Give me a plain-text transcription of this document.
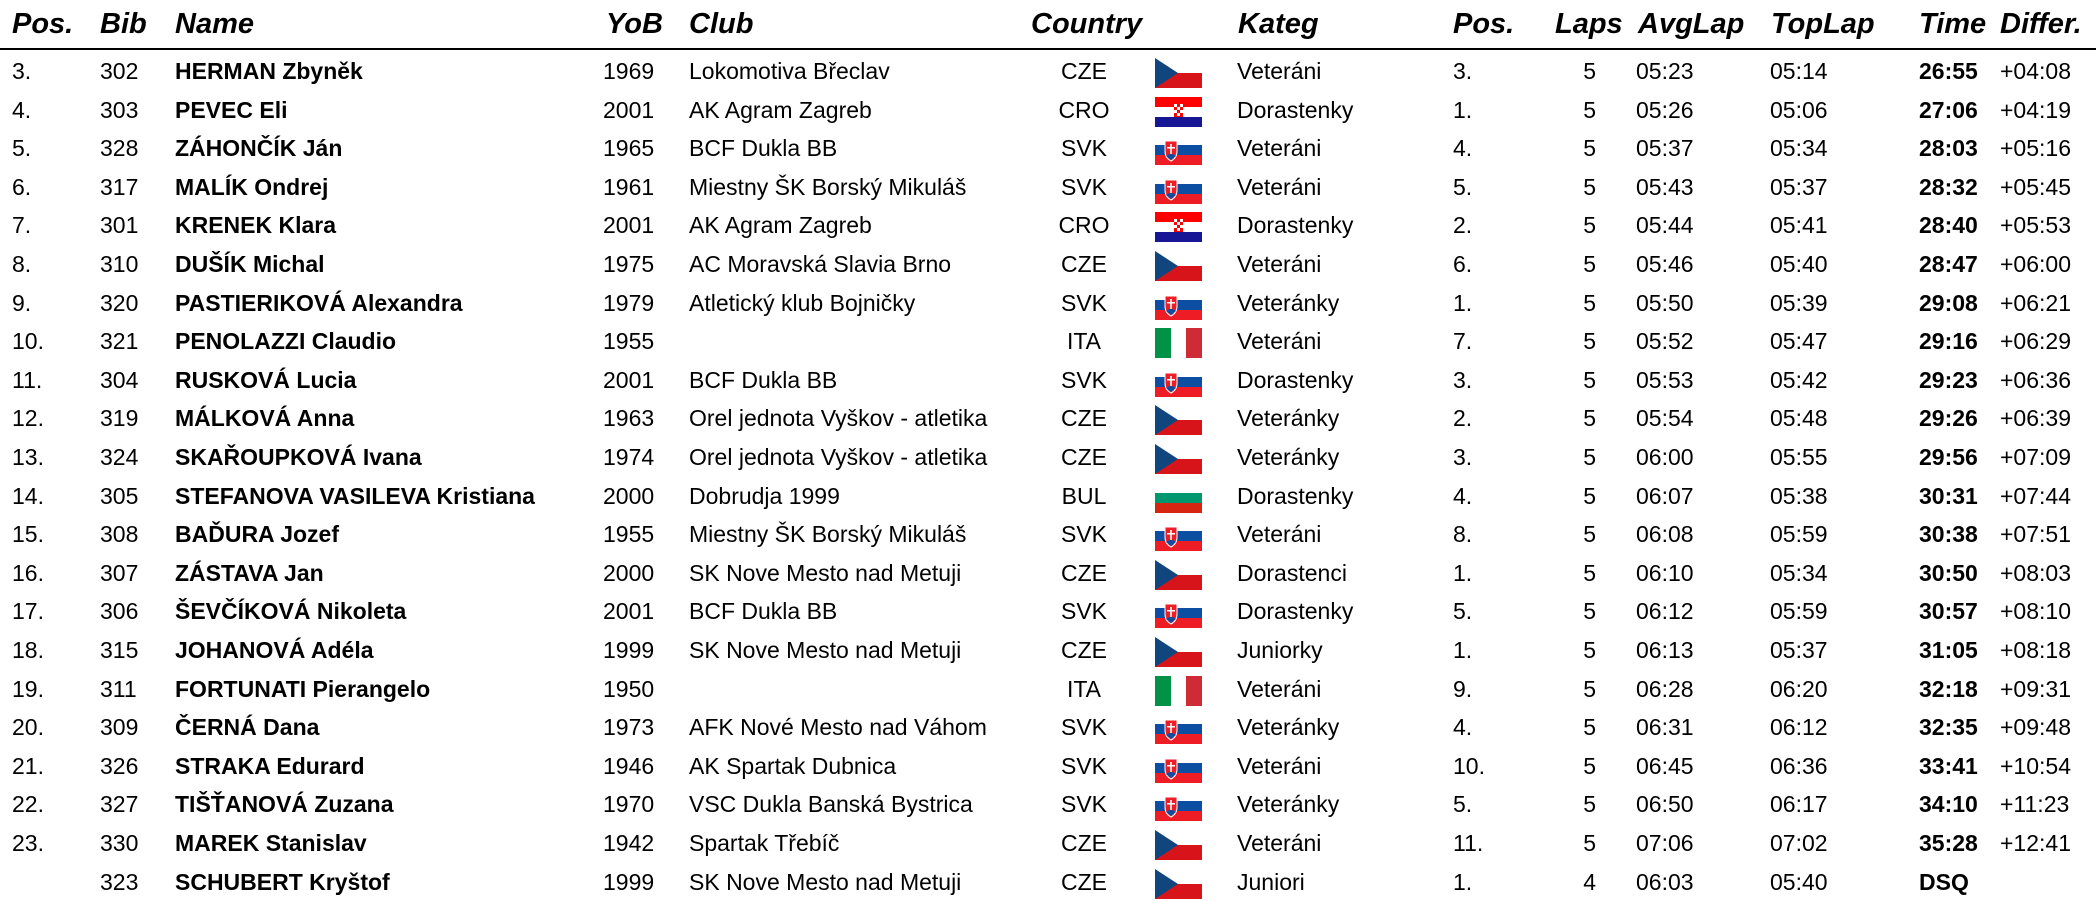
Pos. Bib Name	YoB Club	Country	Kateg	Pos. Laps AvgLap TopLap Time Differ.
3.	302 HERMAN Zbyněk	1969 Lokomotiva Břeclav	CZE	Veteráni	3.	5 05:23	05:14	26:55 +04:08
4.	303 PEVEC Eli	2001 AK Agram Zagreb	CRO	Dorastenky	1.	5 05:26	05:06	27:06 +04:19
5.	328 ZÁHONČÍK Ján	1965 BCF Dukla BB	SVK	Veteráni	4.	5 05:37	05:34	28:03 +05:16
6.	317 MALÍK Ondrej	1961 Miestny ŠK Borský Mikuláš	SVK	Veteráni	5.	5 05:43	05:37	28:32 +05:45
7.	301 KRENEK Klara	2001 AK Agram Zagreb	CRO	Dorastenky	2.	5 05:44	05:41	28:40 +05:53
8.	310 DUŠÍK Michal	1975 AC Moravská Slavia Brno	CZE	Veteráni	6.	5 05:46	05:40	28:47 +06:00
9.	320 PASTIERIKOVÁ Alexandra	1979 Atletický klub Bojničky	SVK	Veteránky	1.	5 05:50	05:39	29:08 +06:21
10. 321 PENOLAZZI Claudio	1955	ITA	Veteráni	7.	5 05:52	05:47	29:16 +06:29
11.	304 RUSKOVÁ Lucia	2001 BCF Dukla BB	SVK	Dorastenky	3.	5 05:53	05:42	29:23 +06:36
12. 319 MÁLKOVÁ Anna	1963 Orel jednota Vyškov - atletika	CZE	Veteránky	2.	5 05:54	05:48	29:26 +06:39
13. 324 SKAŘOUPKOVÁ Ivana	1974 Orel jednota Vyškov - atletika	CZE	Veteránky	3.	5 06:00	05:55	29:56 +07:09
14. 305 STEFANOVA VASILEVA Kristiana	2000 Dobrudja 1999	BUL	Dorastenky	4.	5 06:07	05:38	30:31 +07:44
15. 308 BAĎURA Jozef	1955 Miestny ŠK Borský Mikuláš	SVK	Veteráni	8.	5 06:08	05:59	30:38 +07:51
16. 307 ZÁSTAVA Jan	2000 SK Nove Mesto nad Metuji	CZE	Dorastenci	1.	5 06:10	05:34	30:50 +08:03
17. 306 ŠEVČÍKOVÁ Nikoleta	2001 BCF Dukla BB	SVK	Dorastenky	5.	5 06:12	05:59	30:57 +08:10
18. 315 JOHANOVÁ Adéla	1999 SK Nove Mesto nad Metuji	CZE	Juniorky	1.	5 06:13	05:37	31:05 +08:18
19. 311 FORTUNATI Pierangelo	1950	ITA	Veteráni	9.	5 06:28	06:20	32:18 +09:31
20. 309 ČERNÁ Dana	1973 AFK Nové Mesto nad Váhom	SVK	Veteránky	4.	5 06:31	06:12	32:35 +09:48
21. 326 STRAKA Edurard	1946 AK Spartak Dubnica	SVK	Veteráni	10.	5 06:45	06:36	33:41 +10:54
22. 327 TIŠŤANOVÁ Zuzana	1970 VSC Dukla Banská Bystrica	SVK	Veteránky	5.	5 06:50	06:17	34:10 +11:23
23. 330 MAREK Stanislav	1942 Spartak Třebíč	CZE	Veteráni	11.	5 07:06	07:02	35:28 +12:41
323 SCHUBERT Kryštof	1999 SK Nove Mesto nad Metuji	CZE	Juniori	1.	4 06:03	05:40	DSQ
